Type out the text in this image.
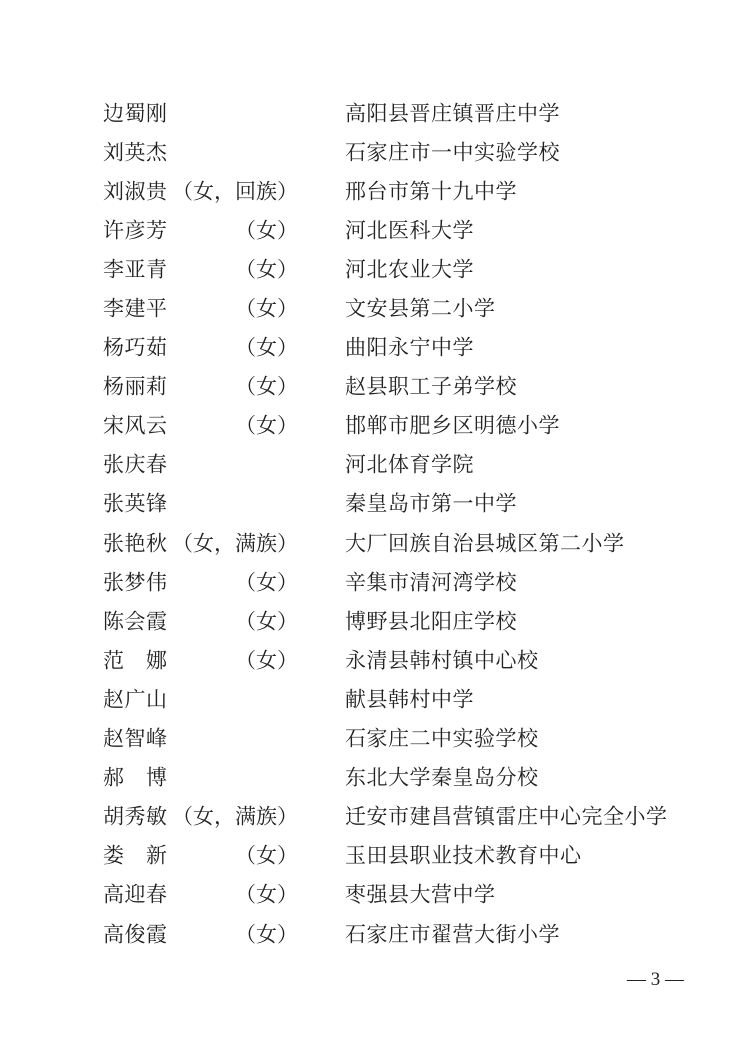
边蜀刚	高阳县晋庄镇晋庄中学
刘英杰	石家庄市一中实验学校
刘淑贵 （女，回族） 邢台市第十九中学
许彦芳	（女） 河北医科大学
李亚青	（女） 河北农业大学
李建平	（女） 文安县第二小学
杨巧茹	（女） 曲阳永宁中学
杨丽莉	（女） 赵县职工子弟学校
宋风云	（女） 邯郸市肥乡区明德小学
张庆春	河北体育学院
张英锋	秦皇岛市第一中学
张艳秋 （女，满族） 大厂回族自治县城区第二小学
张梦伟	（女） 辛集市清河湾学校
陈会霞	（女） 博野县北阳庄学校
范　娜	（女） 永清县韩村镇中心校
赵广山	献县韩村中学
赵智峰	石家庄二中实验学校
郝　博	东北大学秦皇岛分校
胡秀敏 （女，满族） 迁安市建昌营镇雷庄中心完全小学
娄　新	（女） 玉田县职业技术教育中心
高迎春	（女） 枣强县大营中学
高俊霞	（女） 石家庄市翟营大街小学
— 3 —
